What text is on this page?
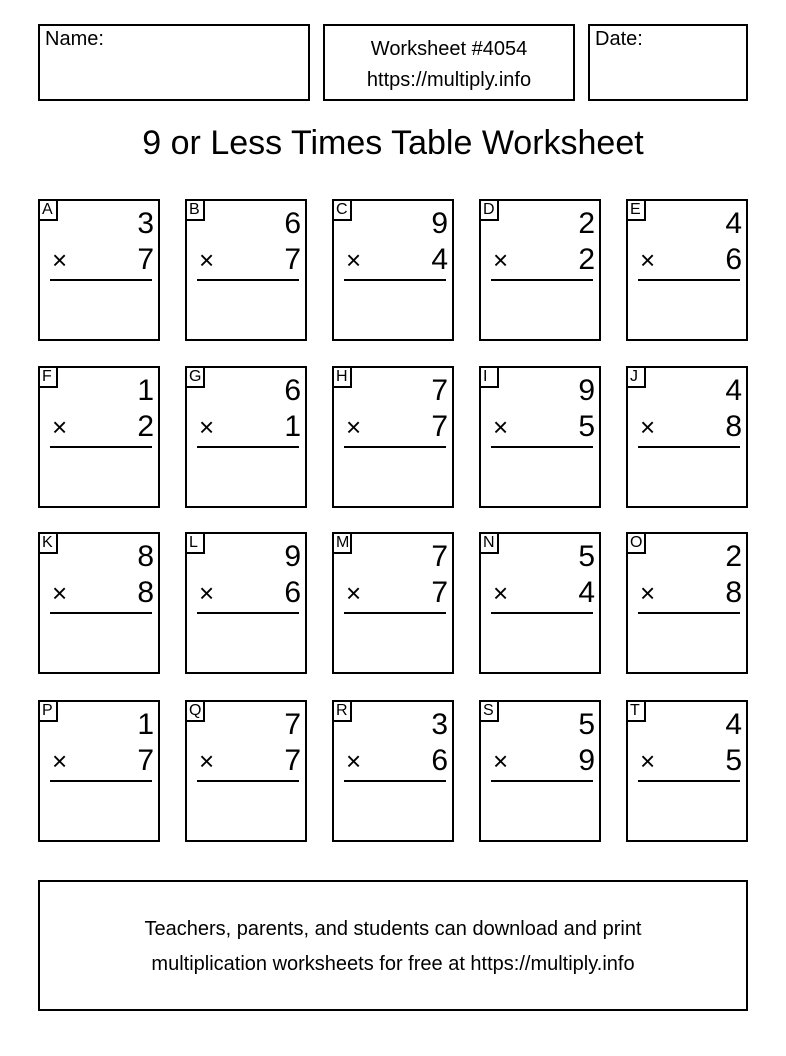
Name:	Worksheet #4054
https://multiply.info
Date:
9 or Less Times Table Worksheet
A	3
× 7
B	6
× 7
C	9
× 4
D	2
× 2
E	4
× 6
F	1
× 2
G	6
× 1
H	7
× 7
I	9
× 5
J	4
× 8
K	8
× 8
L	9
× 6
M	7
× 7
N	5
× 4
O	2
× 8
P	1
× 7
Q	7
× 7
R	3
× 6
S	5
× 9
T	4
× 5
Teachers, parents, and students can download and print
multiplication worksheets for free at https://multiply.info
